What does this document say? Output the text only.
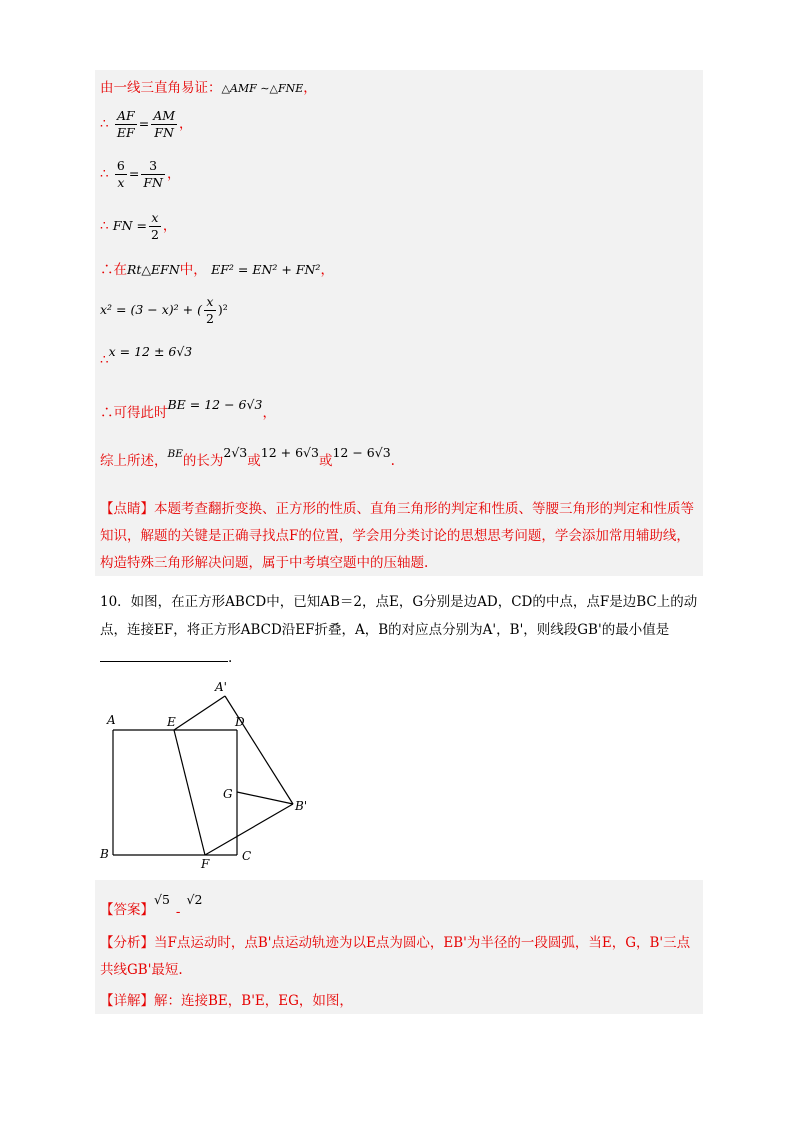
由一线三直角易证：△AMF ∼△FNE，
∴ $\frac{AF}{EF} = \frac{AM}{FN}$ ，
∴ $\frac{6}{x} = \frac{3}{FN}$ ，
∴ FN = $\frac{x}{2}$ ，
∴在Rt△EFN中， EF² = EN² + FN²，
x² = (3 − x)² + ( $\frac{x}{2} )^2$
∴x = 12 ± 6√3
∴可得此时BE = 12 − 6√3，
综上所述，BE的长为2√3或12 + 6√3或12 − 6√3.
【点睛】本题考查翻折变换、正方形的性质、直角三角形的判定和性质、等腰三角形的判定和性质等知识，解题的关键是正确寻找点F的位置，学会用分类讨论的思想思考问题，学会添加常用辅助线，构造特殊三角形解决问题，属于中考填空题中的压轴题.
10．如图，在正方形ABCD中，已知AB＝2，点E，G分别是边AD，CD的中点，点F是边BC上的动点，连接EF，将正方形ABCD沿EF折叠，A，B的对应点分别为A'，B'，则线段GB'的最小值是.
A'
A	E	D
G
B'
B
F
C
【答案】√5-√2
【分析】当F点运动时，点B'点运动轨迹为以E点为圆心，EB'为半径的一段圆弧，当E，G，B'三点共线GB'最短.
【详解】解：连接BE，B'E，EG，如图，
